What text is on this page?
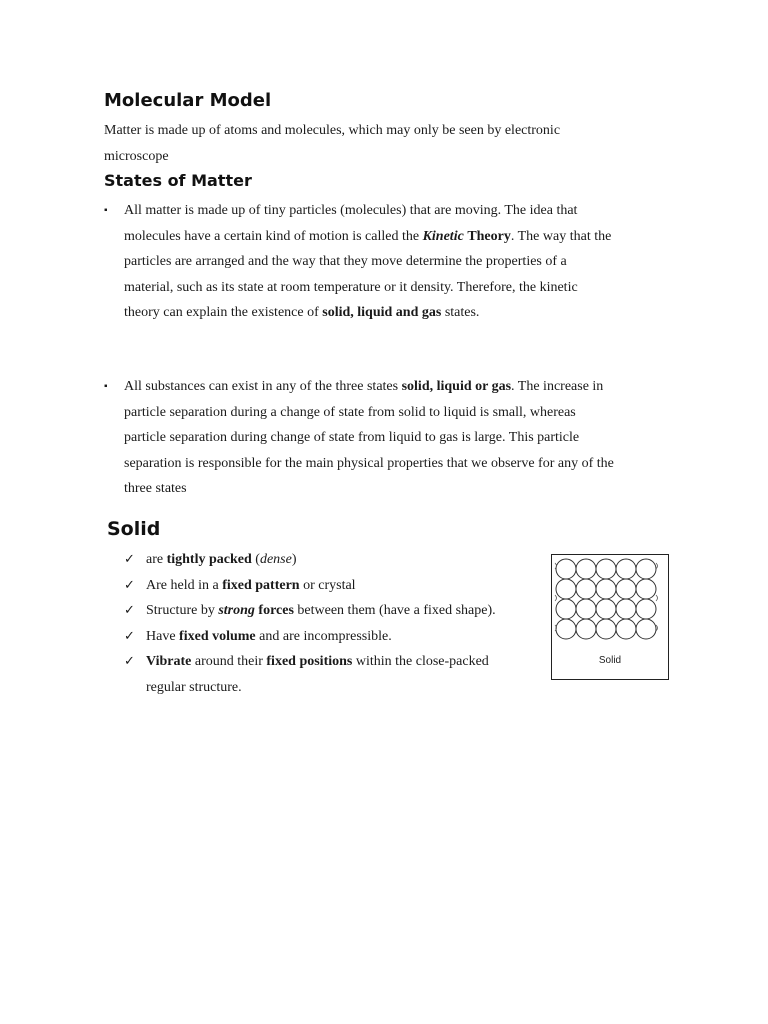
Molecular Model

Matter is made up of atoms and molecules, which may only be seen by electronic microscope

States of Matter
▪ All matter is made up of tiny particles (molecules) that are moving. The idea that molecules have a certain kind of motion is called the Kinetic Theory. The way that the particles are arranged and the way that they move determine the properties of a material, such as its state at room temperature or it density. Therefore, the kinetic theory can explain the existence of solid, liquid and gas states.
▪ All substances can exist in any of the three states solid, liquid or gas. The increase in particle separation during a change of state from solid to liquid is small, whereas particle separation during change of state from liquid to gas is large. This particle separation is responsible for the main physical properties that we observe for any of the three states
Solid
✓ are tightly packed (dense)
✓ Are held in a fixed pattern or crystal
✓ Structure by strong forces between them (have a fixed shape).
✓ Have fixed volume and are incompressible.
✓ Vibrate around their fixed positions within the close-packed regular structure.
Solid
